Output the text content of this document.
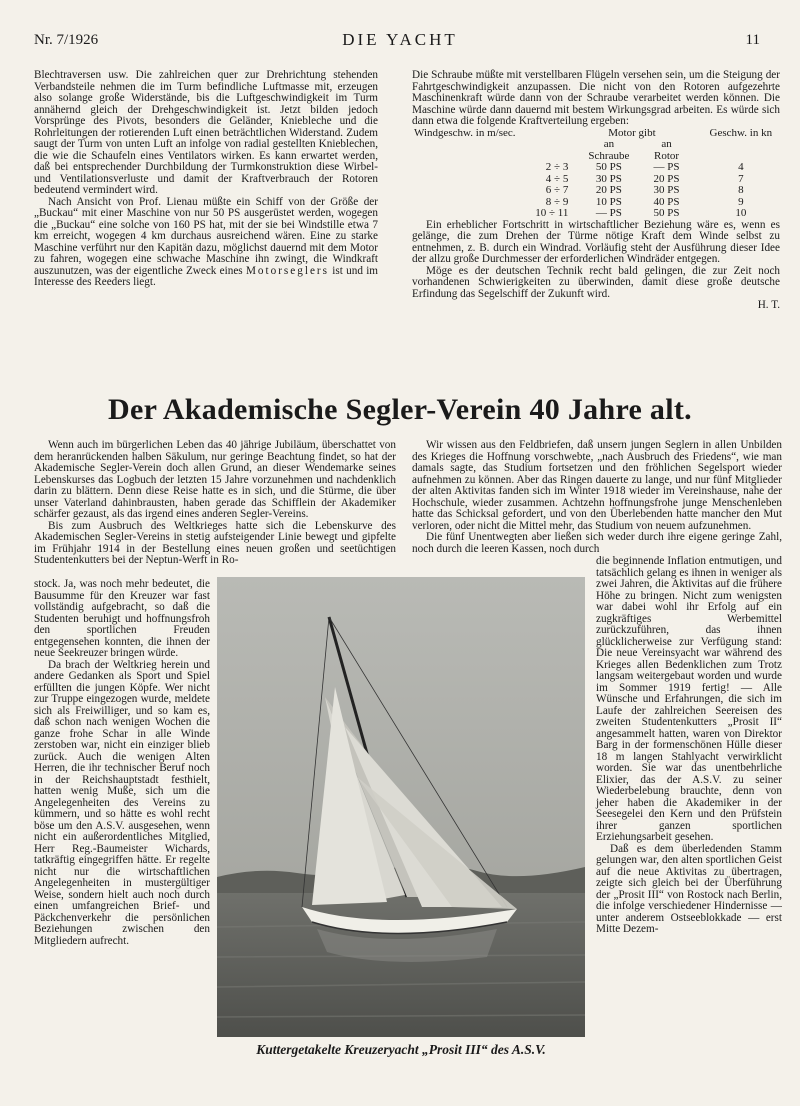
Nr. 7/1926	DIE YACHT	11

Blechtraversen usw. Die zahlreichen quer zur Drehrichtung stehenden Verbandsteile nehmen die im Turm befindliche Luftmasse mit, erzeugen also solange große Widerstände, bis die Luftgeschwindigkeit im Turm annähernd gleich der Drehgeschwindigkeit ist. Jetzt bilden jedoch Vorsprünge des Pivots, besonders die Geländer, Kniebleche und die Rohrleitungen der rotierenden Luft einen beträchtlichen Widerstand. Zudem saugt der Turm von unten Luft an infolge von radial gestellten Knieblechen, die wie die Schaufeln eines Ventilators wirken. Es kann erwartet werden, daß bei entsprechender Durchbildung der Turmkonstruktion diese Wirbel- und Ventilationsverluste und damit der Kraftverbrauch der Rotoren bedeutend vermindert wird.

Nach Ansicht von Prof. Lienau müßte ein Schiff von der Größe der „Buckau“ mit einer Maschine von nur 50 PS ausgerüstet werden, wogegen die „Buckau“ eine solche von 160 PS hat, mit der sie bei Windstille etwa 7 km erreicht, wogegen 4 km durchaus ausreichend wären. Eine zu starke Maschine verführt nur den Kapitän dazu, möglichst dauernd mit dem Motor zu fahren, wogegen eine schwache Maschine ihn zwingt, die Windkraft auszunutzen, was der eigentliche Zweck eines Motorseglers ist und im Interesse des Reeders liegt.

Die Schraube müßte mit verstellbaren Flügeln versehen sein, um die Steigung der Fahrtgeschwindigkeit anzupassen. Die nicht von den Rotoren aufgezehrte Maschinenkraft würde dann von der Schraube verarbeitet werden können. Die Maschine würde dann dauernd mit bestem Wirkungsgrad arbeiten. Es würde sich dann etwa die folgende Kraftverteilung ergeben:

Windgeschw. in m/sec.	Motor gibt		Geschw. in kn
	an	an	
	Schraube	Rotor	
2 ÷ 3	50 PS	— PS	4
4 ÷ 5	30 PS	20 PS	7
6 ÷ 7	20 PS	30 PS	8
8 ÷ 9	10 PS	40 PS	9
10 ÷ 11	— PS	50 PS	10

Ein erheblicher Fortschritt in wirtschaftlicher Beziehung wäre es, wenn es gelänge, die zum Drehen der Türme nötige Kraft dem Winde selbst zu entnehmen, z. B. durch ein Windrad. Vorläufig steht der Ausführung dieser Idee der allzu große Durchmesser der erforderlichen Windräder entgegen.

Möge es der deutschen Technik recht bald gelingen, die zur Zeit noch vorhandenen Schwierigkeiten zu überwinden, damit diese große deutsche Erfindung das Segelschiff der Zukunft wird.

H. T.

Der Akademische Segler-Verein 40 Jahre alt.

Wenn auch im bürgerlichen Leben das 40 jährige Jubiläum, überschattet von dem heranrückenden halben Säkulum, nur geringe Beachtung findet, so hat der Akademische Segler-Verein doch allen Grund, an dieser Wendemarke seines Lebenskurses das Logbuch der letzten 15 Jahre vorzunehmen und nachdenklich darin zu blättern. Denn diese Reise hatte es in sich, und die Stürme, die über unser Vaterland dahinbrausten, haben gerade das Schifflein der Akademiker schärfer gezaust, als das irgend eines anderen Segler-Vereins.

Bis zum Ausbruch des Weltkrieges hatte sich die Lebenskurve des Akademischen Segler-Vereins in stetig aufsteigender Linie bewegt und gipfelte im Frühjahr 1914 in der Bestellung eines neuen großen und seetüchtigen Studentenkutters bei der Neptun-Werft in Ro-

stock. Ja, was noch mehr bedeutet, die Bausumme für den Kreuzer war fast vollständig aufgebracht, so daß die Studenten beruhigt und hoffnungsfroh den sportlichen Freuden entgegensehen konnten, die ihnen der neue Seekreuzer bringen würde.

Da brach der Weltkrieg herein und andere Gedanken als Sport und Spiel erfüllten die jungen Köpfe. Wer nicht zur Truppe eingezogen wurde, meldete sich als Freiwilliger, und so kam es, daß schon nach wenigen Wochen die ganze frohe Schar in alle Winde zerstoben war, nicht ein einziger blieb zurück. Auch die wenigen Alten Herren, die ihr technischer Beruf noch in der Reichshauptstadt festhielt, hatten wenig Muße, sich um die Angelegenheiten des Vereins zu kümmern, und so hätte es wohl recht böse um den A.S.V. ausgesehen, wenn nicht ein außerordentliches Mitglied, Herr Reg.-Baumeister Wichards, tatkräftig eingegriffen hätte. Er regelte nicht nur die wirtschaftlichen Angelegenheiten in mustergültiger Weise, sondern hielt auch noch durch einen umfangreichen Brief- und Päckchenverkehr die persönlichen Beziehungen zwischen den Mitgliedern aufrecht.

Wir wissen aus den Feldbriefen, daß unsern jungen Seglern in allen Unbilden des Krieges die Hoffnung vorschwebte, „nach Ausbruch des Friedens“, wie man damals sagte, das Studium fortsetzen und den fröhlichen Segelsport wieder aufnehmen zu können. Aber das Ringen dauerte zu lange, und nur fünf Mitglieder der alten Aktivitas fanden sich im Winter 1918 wieder im Vereinshause, nahe der Hochschule, wieder zusammen. Achtzehn hoffnungsfrohe junge Menschenleben hatte das Schicksal gefordert, und von den Überlebenden hatte mancher den Mut verloren, oder nicht die Mittel mehr, das Studium von neuem aufzunehmen.

Die fünf Unentwegten aber ließen sich weder durch ihre eigene geringe Zahl, noch durch die leeren Kassen, noch durch

die beginnende Inflation entmutigen, und tatsächlich gelang es ihnen in weniger als zwei Jahren, die Aktivitas auf die frühere Höhe zu bringen. Nicht zum wenigsten war dabei wohl ihr Erfolg auf ein zugkräftiges Werbemittel zurückzuführen, das ihnen glücklicherweise zur Verfügung stand: Die neue Vereinsyacht war während des Krieges allen Bedenklichen zum Trotz langsam weitergebaut worden und wurde im Sommer 1919 fertig! — Alle Wünsche und Erfahrungen, die sich im Laufe der zahlreichen Seereisen des zweiten Studentenkutters „Prosit II“ angesammelt hatten, waren von Direktor Barg in der formenschönen Hülle dieser 18 m langen Stahlyacht verwirklicht worden. Sie war das unentbehrliche Elixier, das der A.S.V. zu seiner Wiederbelebung brauchte, denn von jeher haben die Akademiker in der Seesegelei den Kern und den Prüfstein ihrer ganzen sportlichen Erziehungsarbeit gesehen.

Daß es dem überledenden Stamm gelungen war, den alten sportlichen Geist auf die neue Aktivitas zu übertragen, zeigte sich gleich bei der Überführung der „Prosit III“ von Rostock nach Berlin, die infolge verschiedener Hindernisse — unter anderem Ostseeblokkade — erst Mitte Dezem-

Kuttergetakelte Kreuzeryacht „Prosit III“ des A.S.V.
